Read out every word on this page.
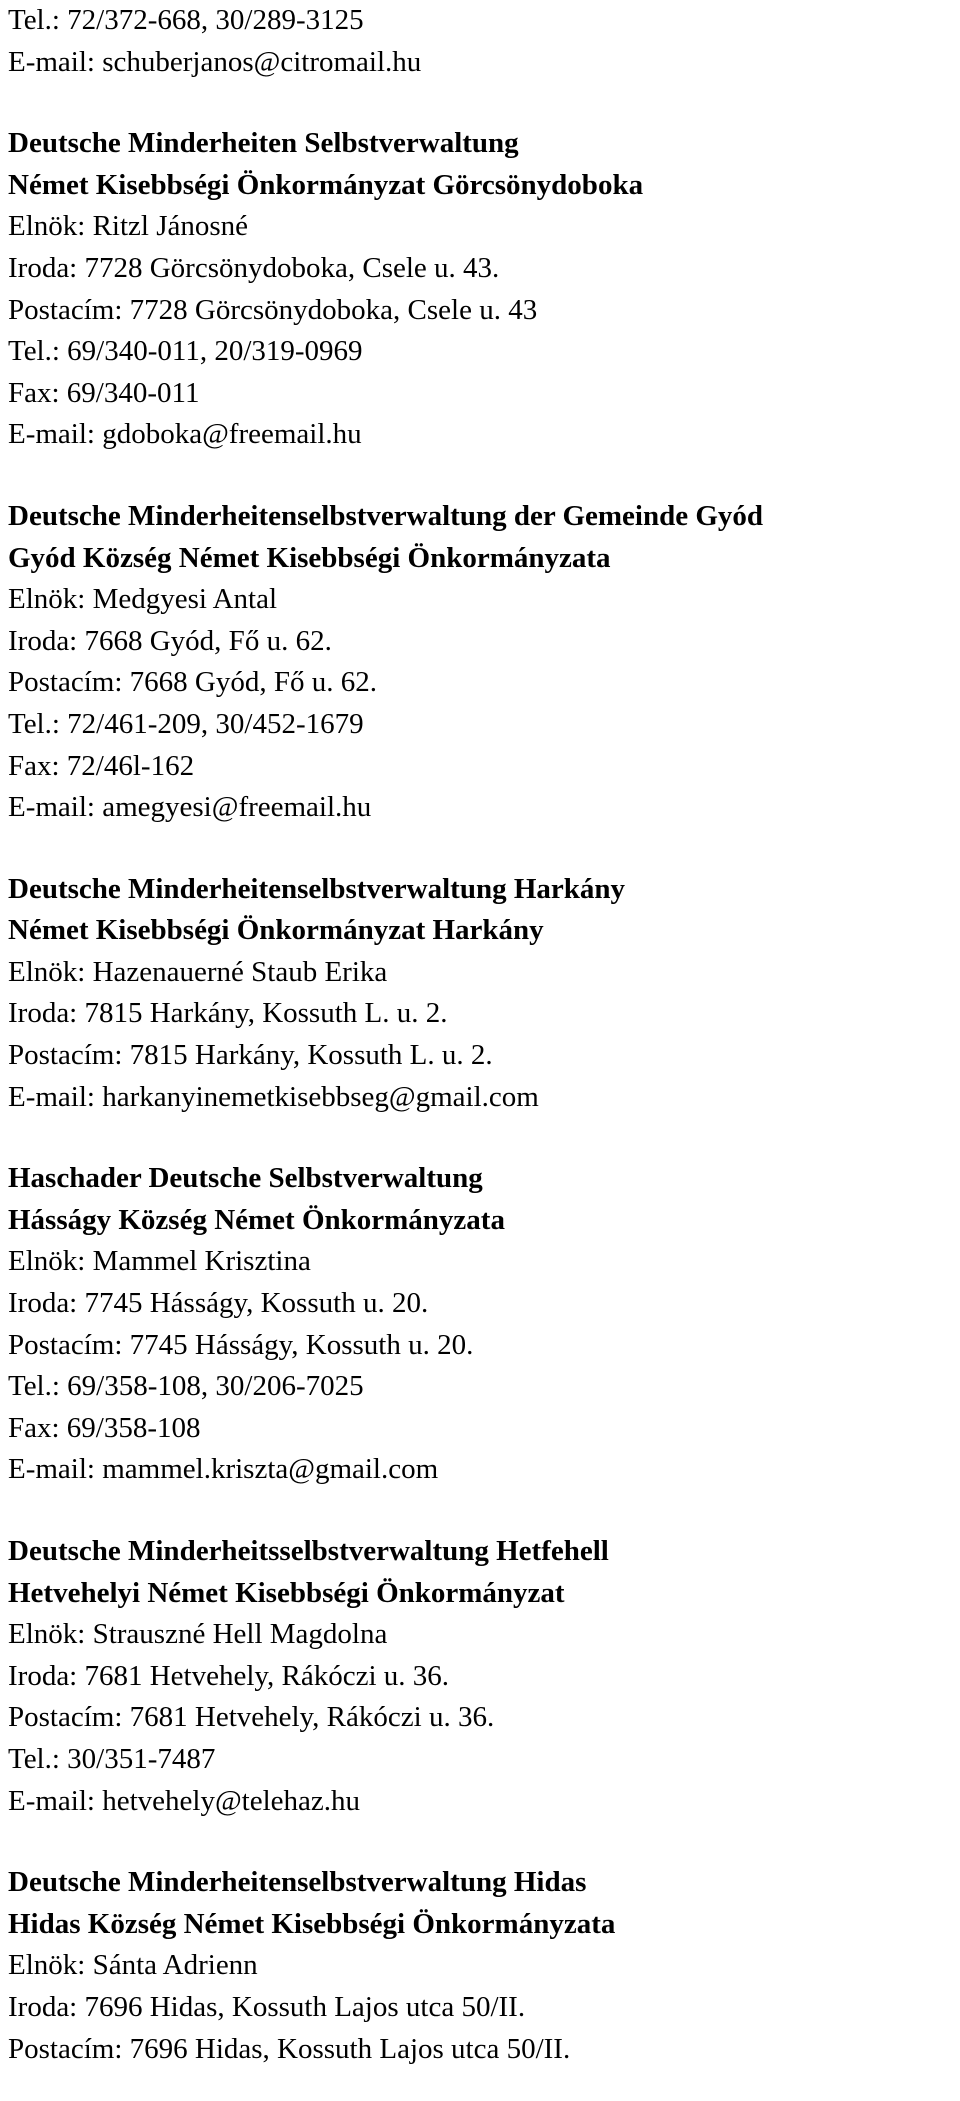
Tel.: 72/372-668, 30/289-3125
E-mail: schuberjanos@citromail.hu
Deutsche Minderheiten Selbstverwaltung
Német Kisebbségi Önkormányzat Görcsönydoboka
Elnök: Ritzl Jánosné
Iroda: 7728 Görcsönydoboka, Csele u. 43.
Postacím: 7728 Görcsönydoboka, Csele u. 43
Tel.: 69/340-011, 20/319-0969
Fax: 69/340-011
E-mail: gdoboka@freemail.hu
Deutsche Minderheitenselbstverwaltung der Gemeinde Gyód
Gyód Község Német Kisebbségi Önkormányzata
Elnök: Medgyesi Antal
Iroda: 7668 Gyód, Fő u. 62.
Postacím: 7668 Gyód, Fő u. 62.
Tel.: 72/461-209, 30/452-1679
Fax: 72/46l-162
E-mail: amegyesi@freemail.hu
Deutsche Minderheitenselbstverwaltung Harkány
Német Kisebbségi Önkormányzat Harkány
Elnök: Hazenauerné Staub Erika
Iroda: 7815 Harkány, Kossuth L. u. 2.
Postacím: 7815 Harkány, Kossuth L. u. 2.
E-mail: harkanyinemetkisebbseg@gmail.com
Haschader Deutsche Selbstverwaltung
Hásságy Község Német Önkormányzata
Elnök: Mammel Krisztina
Iroda: 7745 Hásságy, Kossuth u. 20.
Postacím: 7745 Hásságy, Kossuth u. 20.
Tel.: 69/358-108, 30/206-7025
Fax: 69/358-108
E-mail: mammel.kriszta@gmail.com
Deutsche Minderheitsselbstverwaltung Hetfehell
Hetvehelyi Német Kisebbségi Önkormányzat
Elnök: Strauszné Hell Magdolna
Iroda: 7681 Hetvehely, Rákóczi u. 36.
Postacím: 7681 Hetvehely, Rákóczi u. 36.
Tel.: 30/351-7487
E-mail: hetvehely@telehaz.hu
Deutsche Minderheitenselbstverwaltung Hidas
Hidas Község Német Kisebbségi Önkormányzata
Elnök: Sánta Adrienn
Iroda: 7696 Hidas, Kossuth Lajos utca 50/II.
Postacím: 7696 Hidas, Kossuth Lajos utca 50/II.
